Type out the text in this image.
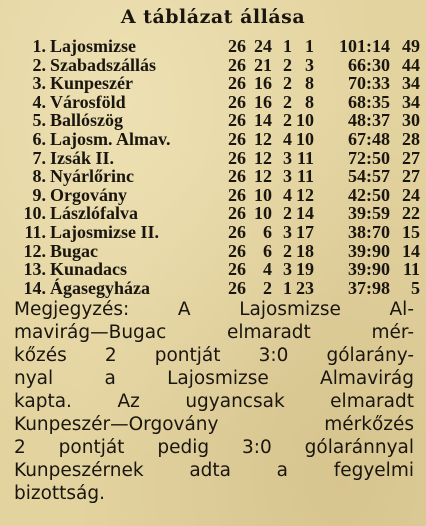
A táblázat állása
1.	Lajosmizse	26	24	1	1	101:14	49
2.	Szabadszállás	26	21	2	3	66:30	44
3.	Kunpeszér	26	16	2	8	70:33	34
4.	Városföld	26	16	2	8	68:35	34
5.	Ballószög	26	14	2	10	48:37	30
6.	Lajosm. Almav.	26	12	4	10	67:48	28
7.	Izsák II.	26	12	3	11	72:50	27
8.	Nyárlőrinc	26	12	3	11	54:57	27
9.	Orgovány	26	10	4	12	42:50	24
10.	Lászlófalva	26	10	2	14	39:59	22
11.	Lajosmizse II.	26	6	3	17	38:70	15
12.	Bugac	26	6	2	18	39:90	14
13.	Kunadacs	26	4	3	19	39:90	11
14.	Ágasegyháza	26	2	1	23	37:98	5

Megjegyzés: A Lajosmizse Al-

mavirág—Bugac elmaradt mér-

kőzés 2 pontját 3:0 gólarány-

nyal a Lajosmizse Almavirág

kapta. Az ugyancsak elmaradt

Kunpeszér—Orgovány mérkőzés

2 pontját pedig 3:0 gólaránnyal

Kunpeszérnek adta a fegyelmi

bizottság.
